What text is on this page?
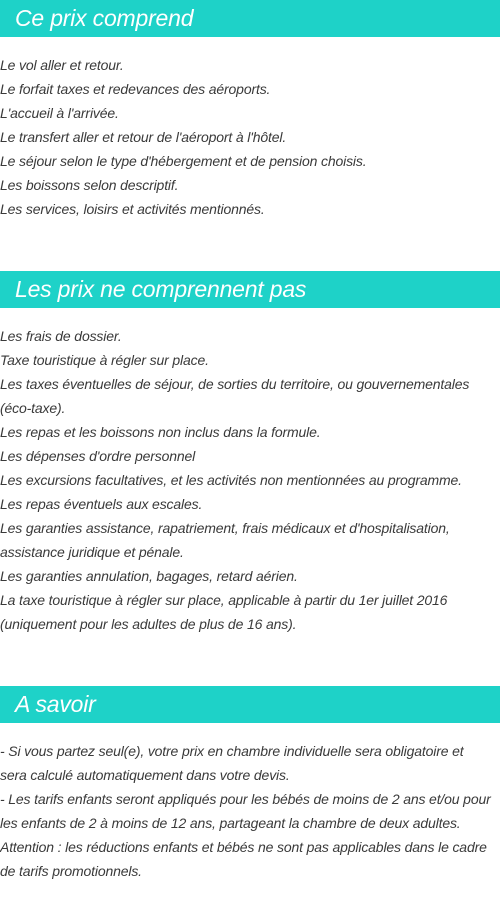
Ce prix comprend

Le vol aller et retour.

Le forfait taxes et redevances des aéroports.

L'accueil à l'arrivée.

Le transfert aller et retour de l'aéroport à l'hôtel.

Le séjour selon le type d'hébergement et de pension choisis.

Les boissons selon descriptif.

Les services, loisirs et activités mentionnés.

Les prix ne comprennent pas

Les frais de dossier.

Taxe touristique à régler sur place.

Les taxes éventuelles de séjour, de sorties du territoire, ou gouvernementales

(éco-taxe).

Les repas et les boissons non inclus dans la formule.

Les dépenses d'ordre personnel

Les excursions facultatives, et les activités non mentionnées au programme.

Les repas éventuels aux escales.

Les garanties assistance, rapatriement, frais médicaux et d'hospitalisation,

assistance juridique et pénale.

Les garanties annulation, bagages, retard aérien.

La taxe touristique à régler sur place, applicable à partir du 1er juillet 2016

(uniquement pour les adultes de plus de 16 ans).

A savoir

- Si vous partez seul(e), votre prix en chambre individuelle sera obligatoire et

sera calculé automatiquement dans votre devis.

- Les tarifs enfants seront appliqués pour les bébés de moins de 2 ans et/ou pour

les enfants de 2 à moins de 12 ans, partageant la chambre de deux adultes.

Attention : les réductions enfants et bébés ne sont pas applicables dans le cadre

de tarifs promotionnels.
